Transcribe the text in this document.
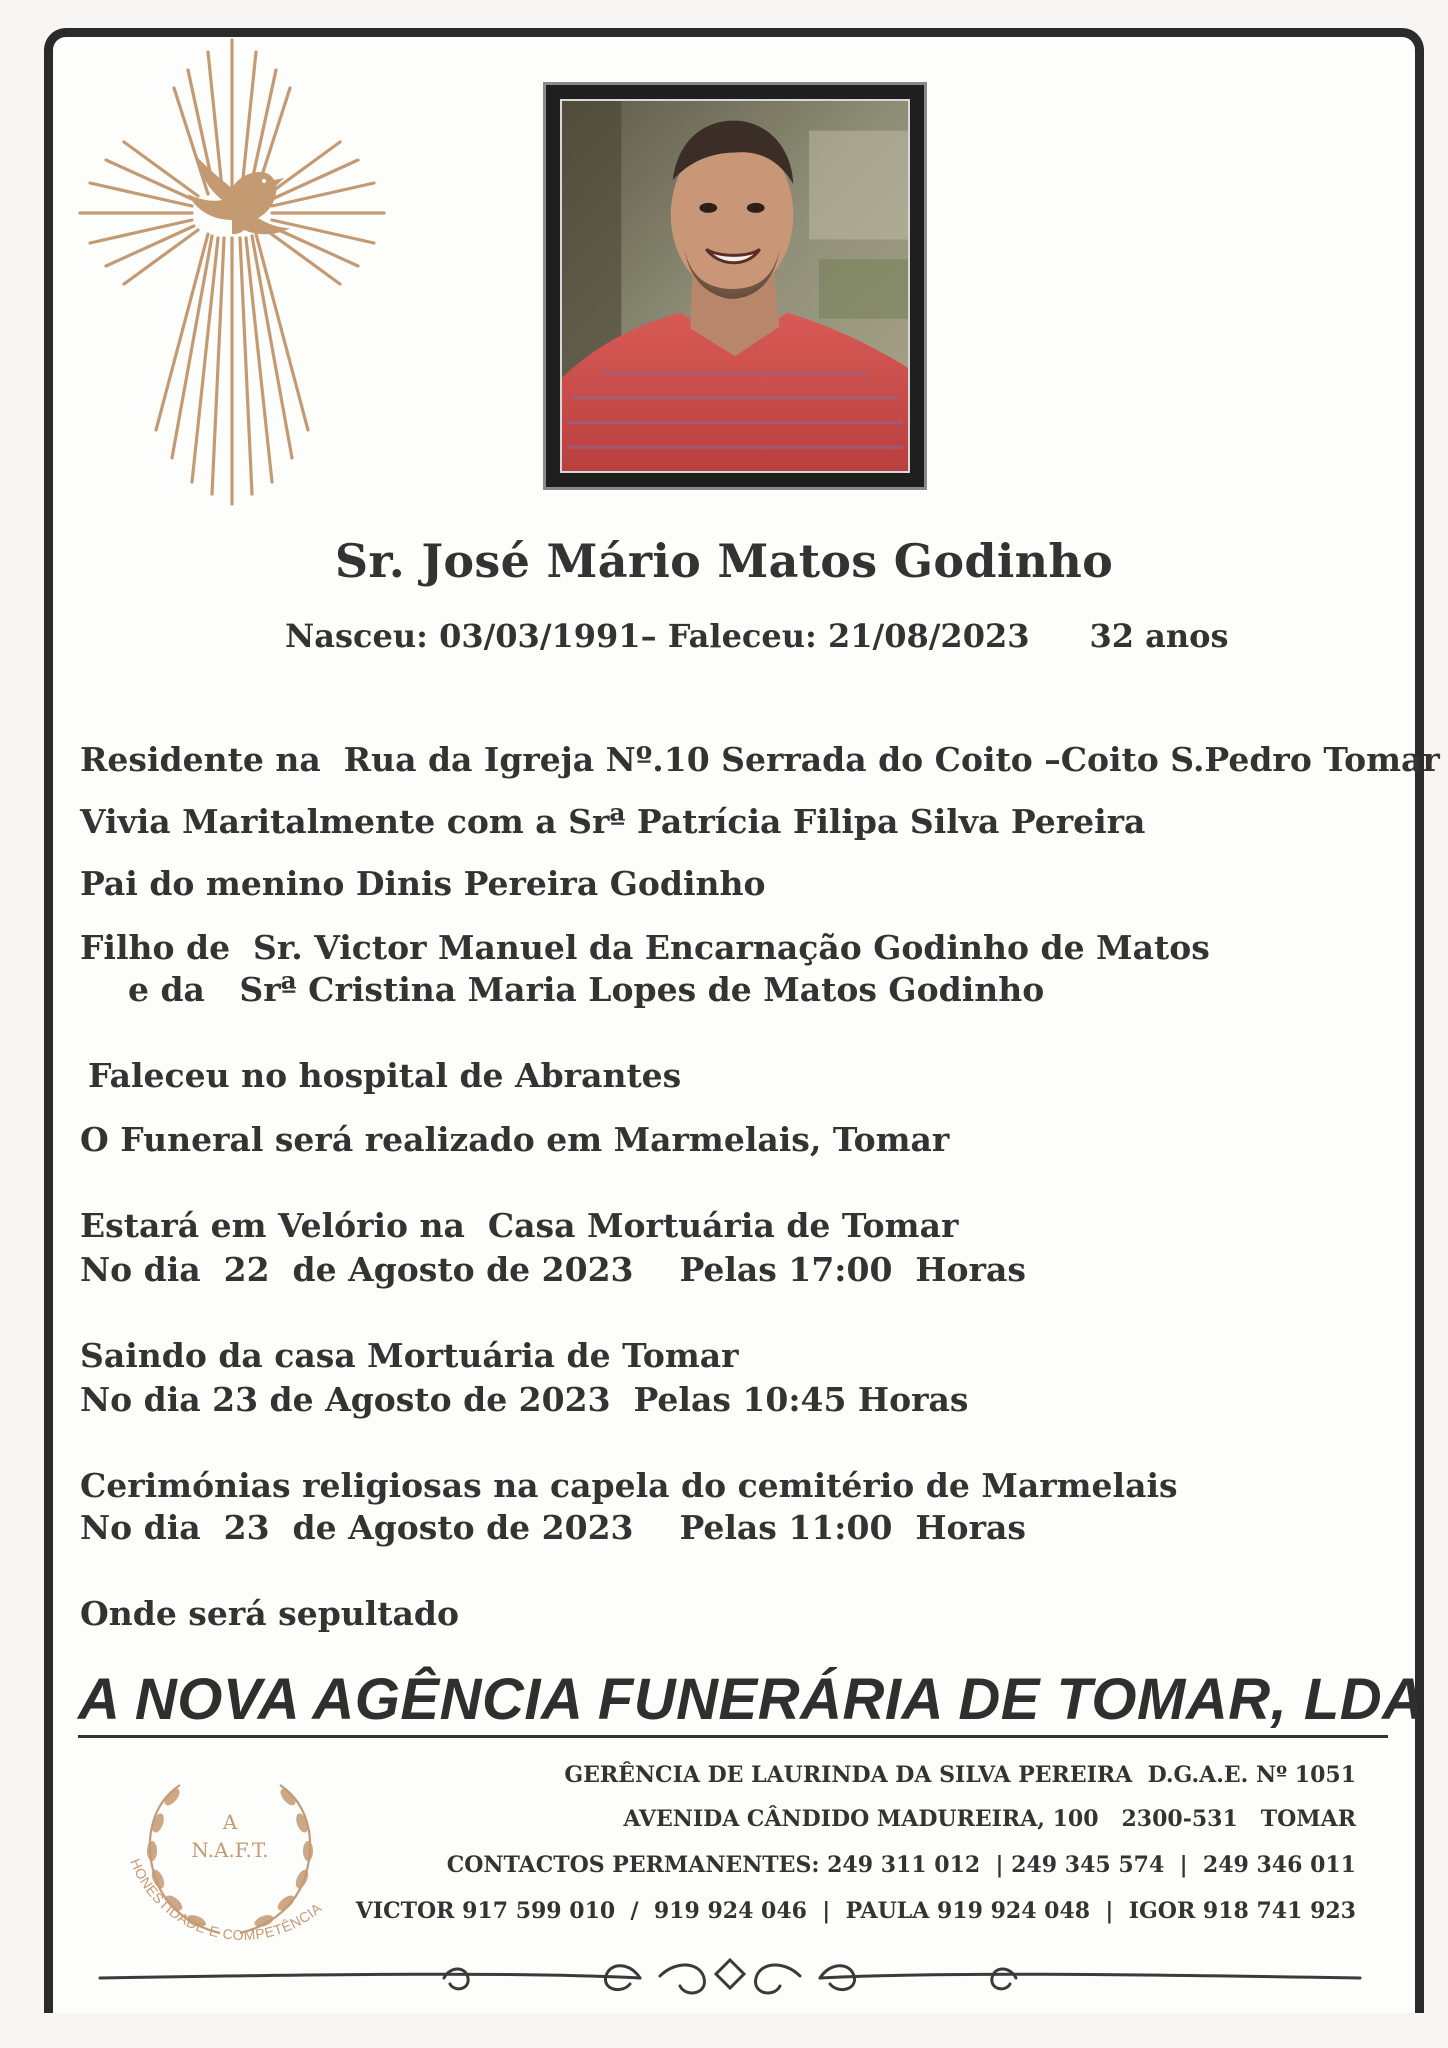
Sr. José Mário Matos Godinho
Nasceu: 03/03/1991– Faleceu: 21/08/2023 32 anos
Residente na  Rua da Igreja Nº.10 Serrada do Coito –Coito S.Pedro Tomar
Vivia Maritalmente com a Srª Patrícia Filipa Silva Pereira
Pai do menino Dinis Pereira Godinho
Filho de  Sr. Victor Manuel da Encarnação Godinho de Matos
e da   Srª Cristina Maria Lopes de Matos Godinho
Faleceu no hospital de Abrantes
O Funeral será realizado em Marmelais, Tomar
Estará em Velório na  Casa Mortuária de Tomar
No dia  22  de Agosto de 2023    Pelas 17:00  Horas
Saindo da casa Mortuária de Tomar
No dia 23 de Agosto de 2023  Pelas 10:45 Horas
Cerimónias religiosas na capela do cemitério de Marmelais
No dia  23  de Agosto de 2023    Pelas 11:00  Horas
Onde será sepultado
A NOVA AGÊNCIA FUNERÁRIA DE TOMAR, LDA
GERÊNCIA DE LAURINDA DA SILVA PEREIRA  D.G.A.E. Nº 1051
AVENIDA CÂNDIDO MADUREIRA, 100   2300-531   TOMAR
CONTACTOS PERMANENTES: 249 311 012  | 249 345 574  |  249 346 011
VICTOR 917 599 010  /  919 924 046  |  PAULA 919 924 048  |  IGOR 918 741 923
A
N.A.F.T.
HONESTIDADE E COMPETÊNCIA
